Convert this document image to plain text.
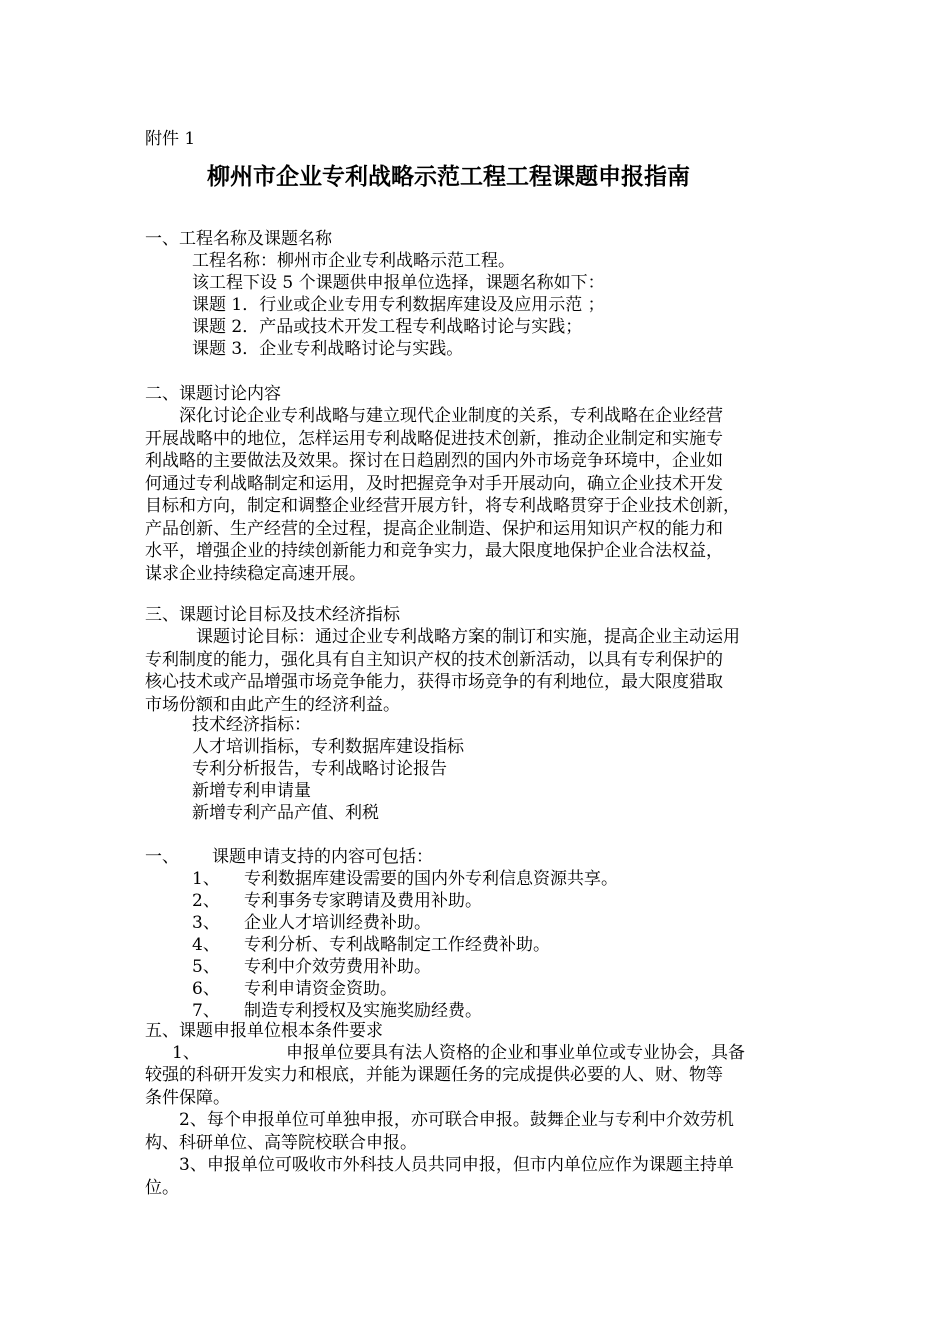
附件 1
柳州市企业专利战略示范工程工程课题申报指南
一、工程名称及课题名称
工程名称：柳州市企业专利战略示范工程。
该工程下设 5 个课题供申报单位选择，课题名称如下：
课题 1．行业或企业专用专利数据库建设及应用示范 ；
课题 2．产品或技术开发工程专利战略讨论与实践；
课题 3．企业专利战略讨论与实践。
二、课题讨论内容
　　深化讨论企业专利战略与建立现代企业制度的关系，专利战略在企业经营
开展战略中的地位，怎样运用专利战略促进技术创新，推动企业制定和实施专
利战略的主要做法及效果。探讨在日趋剧烈的国内外市场竞争环境中，企业如
何通过专利战略制定和运用，及时把握竞争对手开展动向，确立企业技术开发
目标和方向，制定和调整企业经营开展方针，将专利战略贯穿于企业技术创新，
产品创新、生产经营的全过程，提高企业制造、保护和运用知识产权的能力和
水平，增强企业的持续创新能力和竞争实力，最大限度地保护企业合法权益，
谋求企业持续稳定高速开展。
三、课题讨论目标及技术经济指标
　　　课题讨论目标：通过企业专利战略方案的制订和实施，提高企业主动运用
专利制度的能力，强化具有自主知识产权的技术创新活动，以具有专利保护的
核心技术或产品增强市场竞争能力，获得市场竞争的有利地位，最大限度猎取
市场份额和由此产生的经济利益。
技术经济指标：
人才培训指标，专利数据库建设指标
专利分析报告，专利战略讨论报告
新增专利申请量
新增专利产品产值、利税
一、 课题申请支持的内容可包括：
1、 专利数据库建设需要的国内外专利信息资源共享。
2、 专利事务专家聘请及费用补助。
3、 企业人才培训经费补助。
4、 专利分析、专利战略制定工作经费补助。
5、 专利中介效劳费用补助。
6、 专利申请资金资助。
7、 制造专利授权及实施奖励经费。
五、课题申报单位根本条件要求
1、	申报单位要具有法人资格的企业和事业单位或专业协会，具备
较强的科研开发实力和根底，并能为课题任务的完成提供必要的人、财、物等
条件保障。
　　2、每个申报单位可单独申报，亦可联合申报。鼓舞企业与专利中介效劳机
构、科研单位、高等院校联合申报。
　　3、申报单位可吸收市外科技人员共同申报，但市内单位应作为课题主持单
位。
